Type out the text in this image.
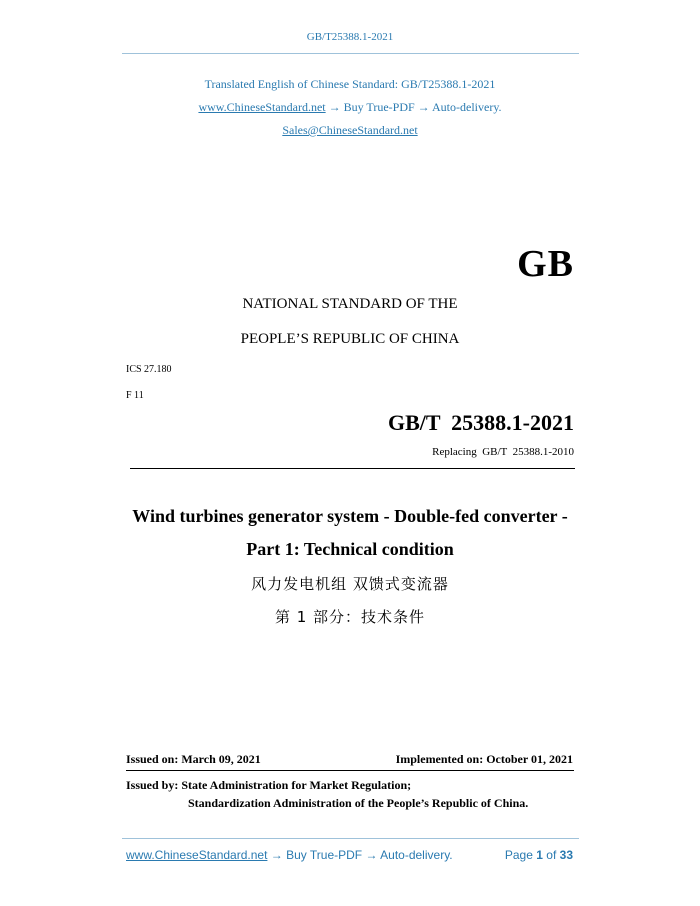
GB/T25388.1-2021
Translated English of Chinese Standard: GB/T25388.1-2021
www.ChineseStandard.net → Buy True-PDF → Auto-delivery.
Sales@ChineseStandard.net
GB
NATIONAL STANDARD OF THE
PEOPLE’S REPUBLIC OF CHINA
ICS 27.180
F 11
GB/T  25388.1-2021
Replacing  GB/T  25388.1-2010
Wind turbines generator system - Double-fed converter -
Part 1: Technical condition
风力发电机组 双馈式变流器
第 1 部分：技术条件
Issued on: March 09, 2021	Implemented on: October 01, 2021
Issued by: State Administration for Market Regulation;
Standardization Administration of the People’s Republic of China.
www.ChineseStandard.net → Buy True-PDF → Auto-delivery.	Page 1 of 33
